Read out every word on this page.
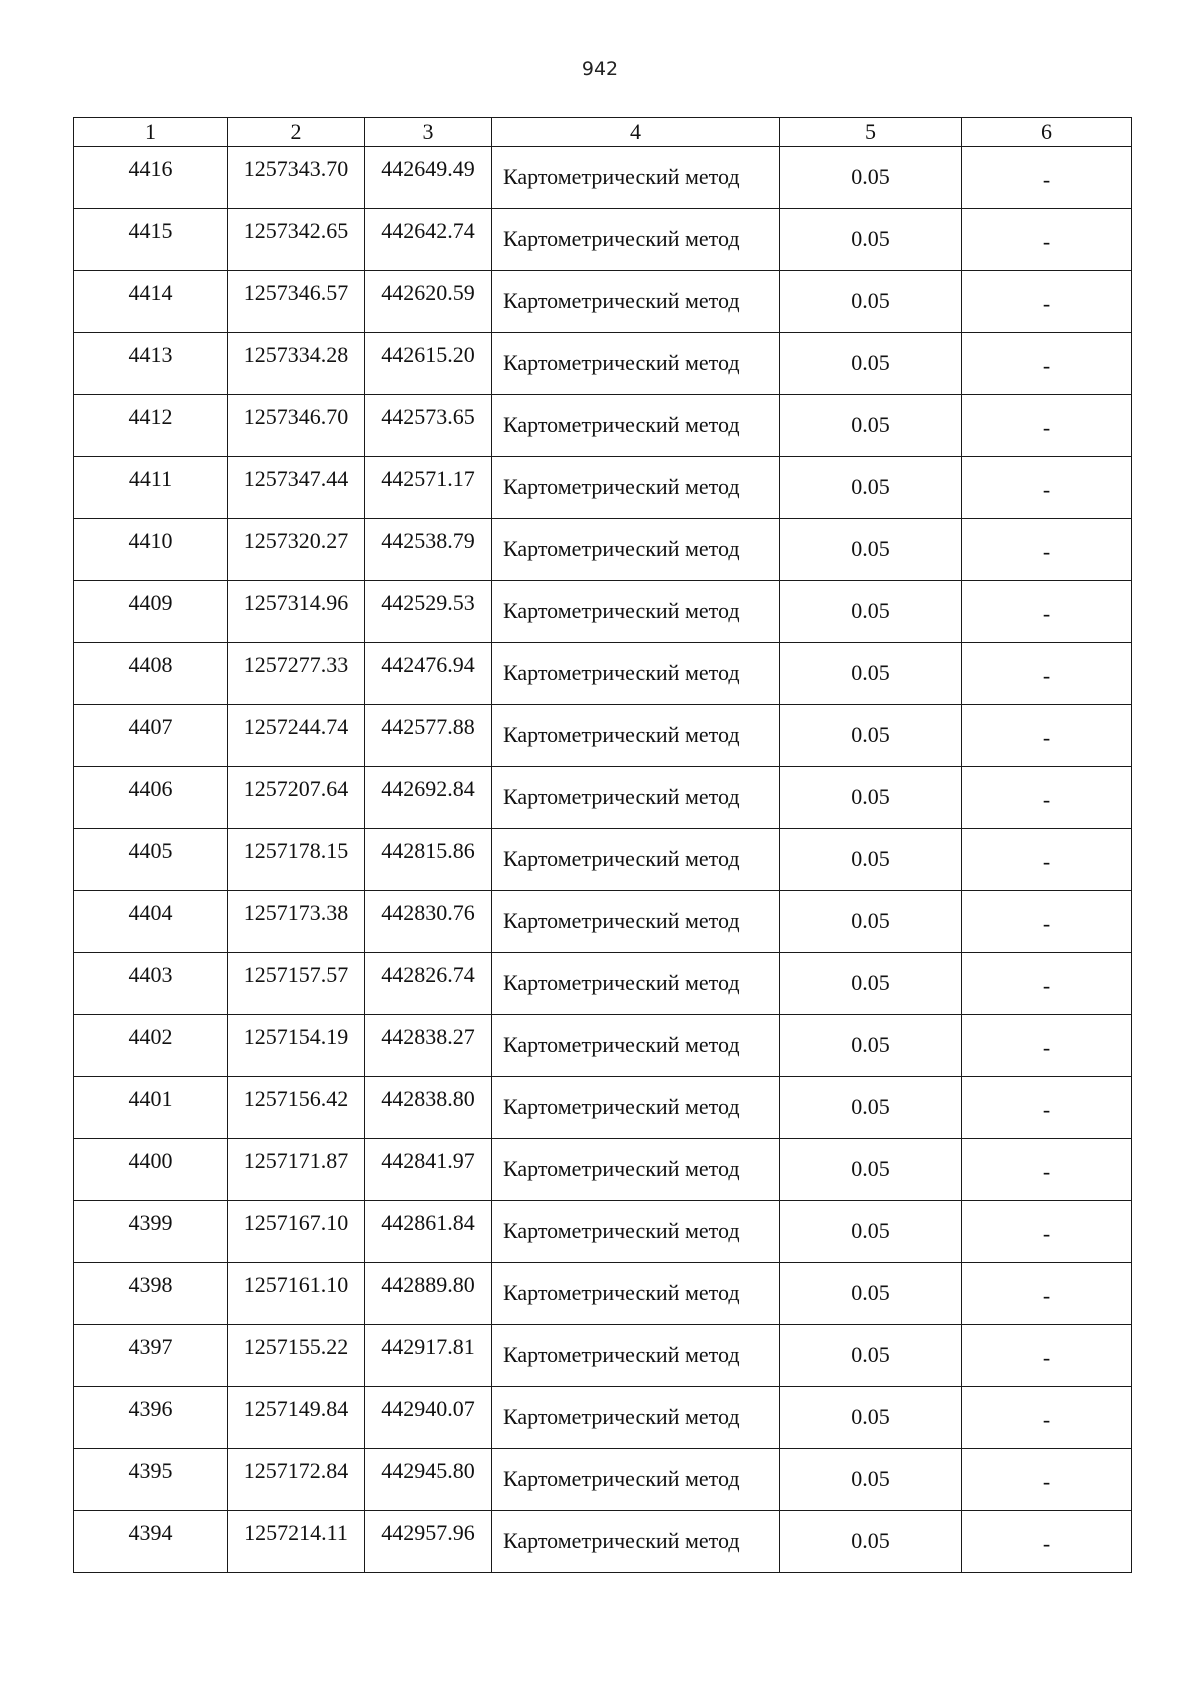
942
1	2	3	4	5	6
4416	1257343.70	442649.49	Картометрический метод	0.05	-
4415	1257342.65	442642.74	Картометрический метод	0.05	-
4414	1257346.57	442620.59	Картометрический метод	0.05	-
4413	1257334.28	442615.20	Картометрический метод	0.05	-
4412	1257346.70	442573.65	Картометрический метод	0.05	-
4411	1257347.44	442571.17	Картометрический метод	0.05	-
4410	1257320.27	442538.79	Картометрический метод	0.05	-
4409	1257314.96	442529.53	Картометрический метод	0.05	-
4408	1257277.33	442476.94	Картометрический метод	0.05	-
4407	1257244.74	442577.88	Картометрический метод	0.05	-
4406	1257207.64	442692.84	Картометрический метод	0.05	-
4405	1257178.15	442815.86	Картометрический метод	0.05	-
4404	1257173.38	442830.76	Картометрический метод	0.05	-
4403	1257157.57	442826.74	Картометрический метод	0.05	-
4402	1257154.19	442838.27	Картометрический метод	0.05	-
4401	1257156.42	442838.80	Картометрический метод	0.05	-
4400	1257171.87	442841.97	Картометрический метод	0.05	-
4399	1257167.10	442861.84	Картометрический метод	0.05	-
4398	1257161.10	442889.80	Картометрический метод	0.05	-
4397	1257155.22	442917.81	Картометрический метод	0.05	-
4396	1257149.84	442940.07	Картометрический метод	0.05	-
4395	1257172.84	442945.80	Картометрический метод	0.05	-
4394	1257214.11	442957.96	Картометрический метод	0.05	-
